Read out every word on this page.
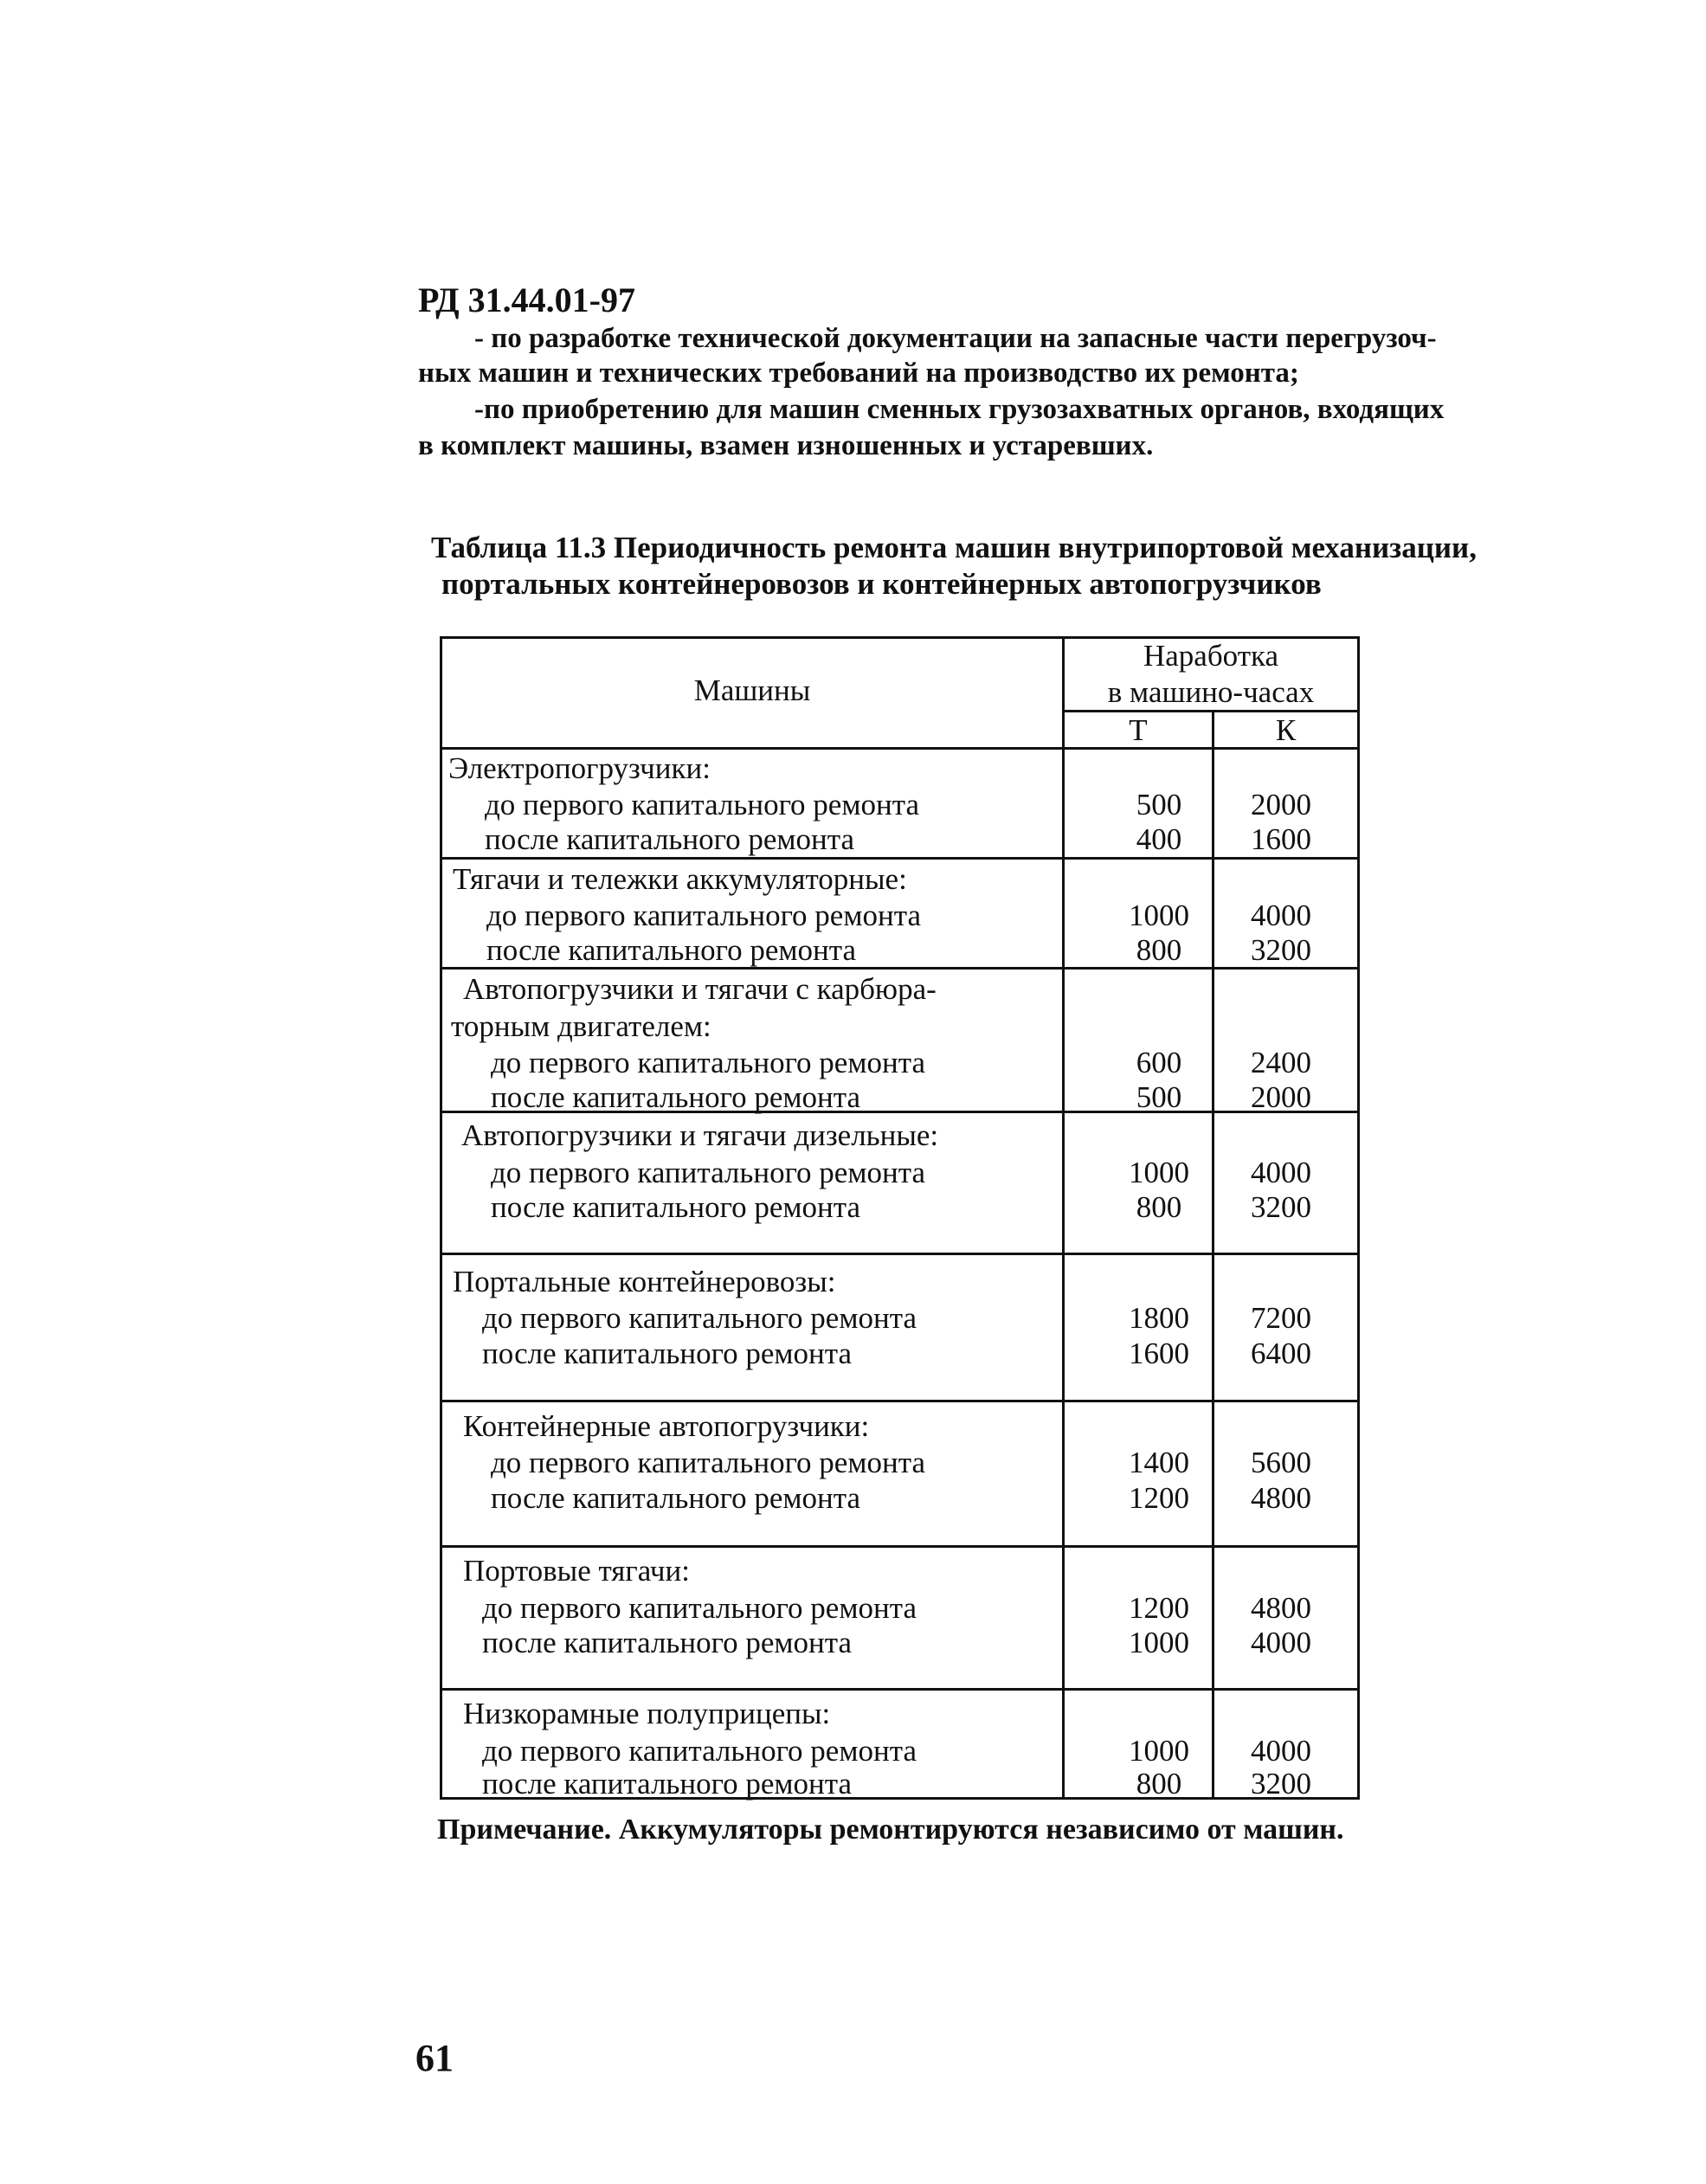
РД 31.44.01-97
- по разработке технической документации на запасные части перегрузоч-
ных машин и технических требований на производство их ремонта;
-по приобретению для машин сменных грузозахватных органов, входящих
в комплект машины, взамен изношенных и устаревших.
Таблица 11.3 Периодичность ремонта машин внутрипортовой механизации,
портальных контейнеровозов и контейнерных автопогрузчиков
Машины
Наработка
в машино-часах
Т	К
Электропогрузчики:
до первого капитального ремонта	500	2000
после капитального ремонта	400	1600
Тягачи и тележки аккумуляторные:
до первого капитального ремонта	1000	4000
после капитального ремонта	800	3200
Автопогрузчики и тягачи с карбюра-
торным двигателем:
до первого капитального ремонта	600	2400
после капитального ремонта	500	2000
Автопогрузчики и тягачи дизельные:
до первого капитального ремонта	1000	4000
после капитального ремонта	800	3200
Портальные контейнеровозы:
до первого капитального ремонта	1800	7200
после капитального ремонта	1600	6400
Контейнерные автопогрузчики:
до первого капитального ремонта	1400	5600
после капитального ремонта	1200	4800
Портовые тягачи:
до первого капитального ремонта	1200	4800
после капитального ремонта	1000	4000
Низкорамные полуприцепы:
до первого капитального ремонта	1000	4000
после капитального ремонта	800	3200
Примечание. Аккумуляторы ремонтируются независимо от машин.
61
